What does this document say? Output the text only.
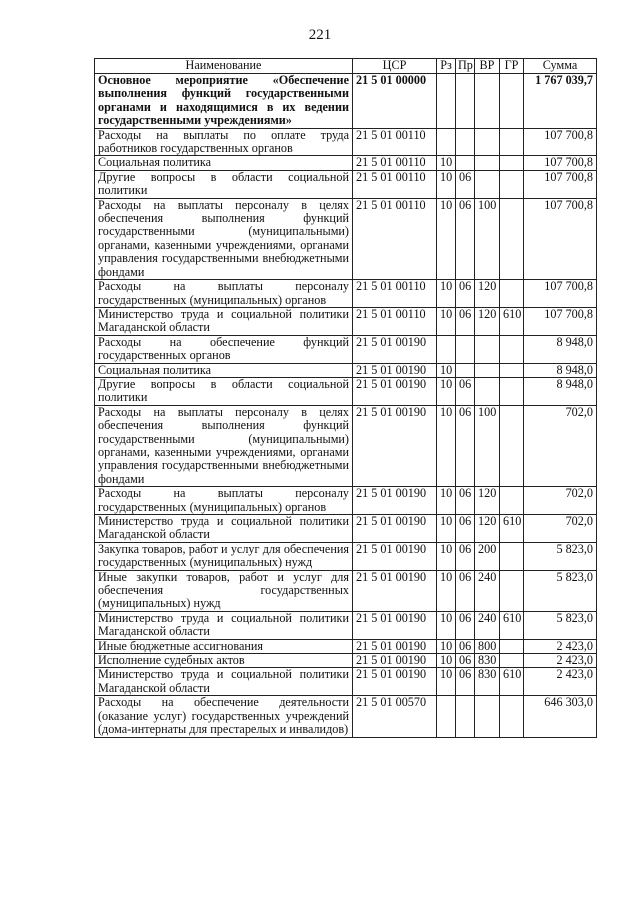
221
Наименование	ЦСР	Рз	Пр	ВР	ГР	Сумма
Основное мероприятие «Обеспечение выполнения функций государственными органами и находящимися в их ведении государственными учреждениями»	21 5 01 00000					1 767 039,7
Расходы на выплаты по оплате труда работников государственных органов	21 5 01 00110					107 700,8
Социальная политика	21 5 01 00110	10				107 700,8
Другие вопросы в области социальной политики	21 5 01 00110	10	06			107 700,8
Расходы на выплаты персоналу в целях обеспечения выполнения функций государственными (муниципальными) органами, казенными учреждениями, органами управления государственными внебюджетными фондами	21 5 01 00110	10	06	100		107 700,8
Расходы на выплаты персоналу государственных (муниципальных) органов	21 5 01 00110	10	06	120		107 700,8
Министерство труда и социальной политики Магаданской области	21 5 01 00110	10	06	120	610	107 700,8
Расходы на обеспечение функций государственных органов	21 5 01 00190					8 948,0
Социальная политика	21 5 01 00190	10				8 948,0
Другие вопросы в области социальной политики	21 5 01 00190	10	06			8 948,0
Расходы на выплаты персоналу в целях обеспечения выполнения функций государственными (муниципальными) органами, казенными учреждениями, органами управления государственными внебюджетными фондами	21 5 01 00190	10	06	100		702,0
Расходы на выплаты персоналу государственных (муниципальных) органов	21 5 01 00190	10	06	120		702,0
Министерство труда и социальной политики Магаданской области	21 5 01 00190	10	06	120	610	702,0
Закупка товаров, работ и услуг для обеспечения государственных (муниципальных) нужд	21 5 01 00190	10	06	200		5 823,0
Иные закупки товаров, работ и услуг для обеспечения государственных (муниципальных) нужд	21 5 01 00190	10	06	240		5 823,0
Министерство труда и социальной политики Магаданской области	21 5 01 00190	10	06	240	610	5 823,0
Иные бюджетные ассигнования	21 5 01 00190	10	06	800		2 423,0
Исполнение судебных актов	21 5 01 00190	10	06	830		2 423,0
Министерство труда и социальной политики Магаданской области	21 5 01 00190	10	06	830	610	2 423,0
Расходы на обеспечение деятельности (оказание услуг) государственных учреждений (дома-интернаты для престарелых и инвалидов)	21 5 01 00570					646 303,0
